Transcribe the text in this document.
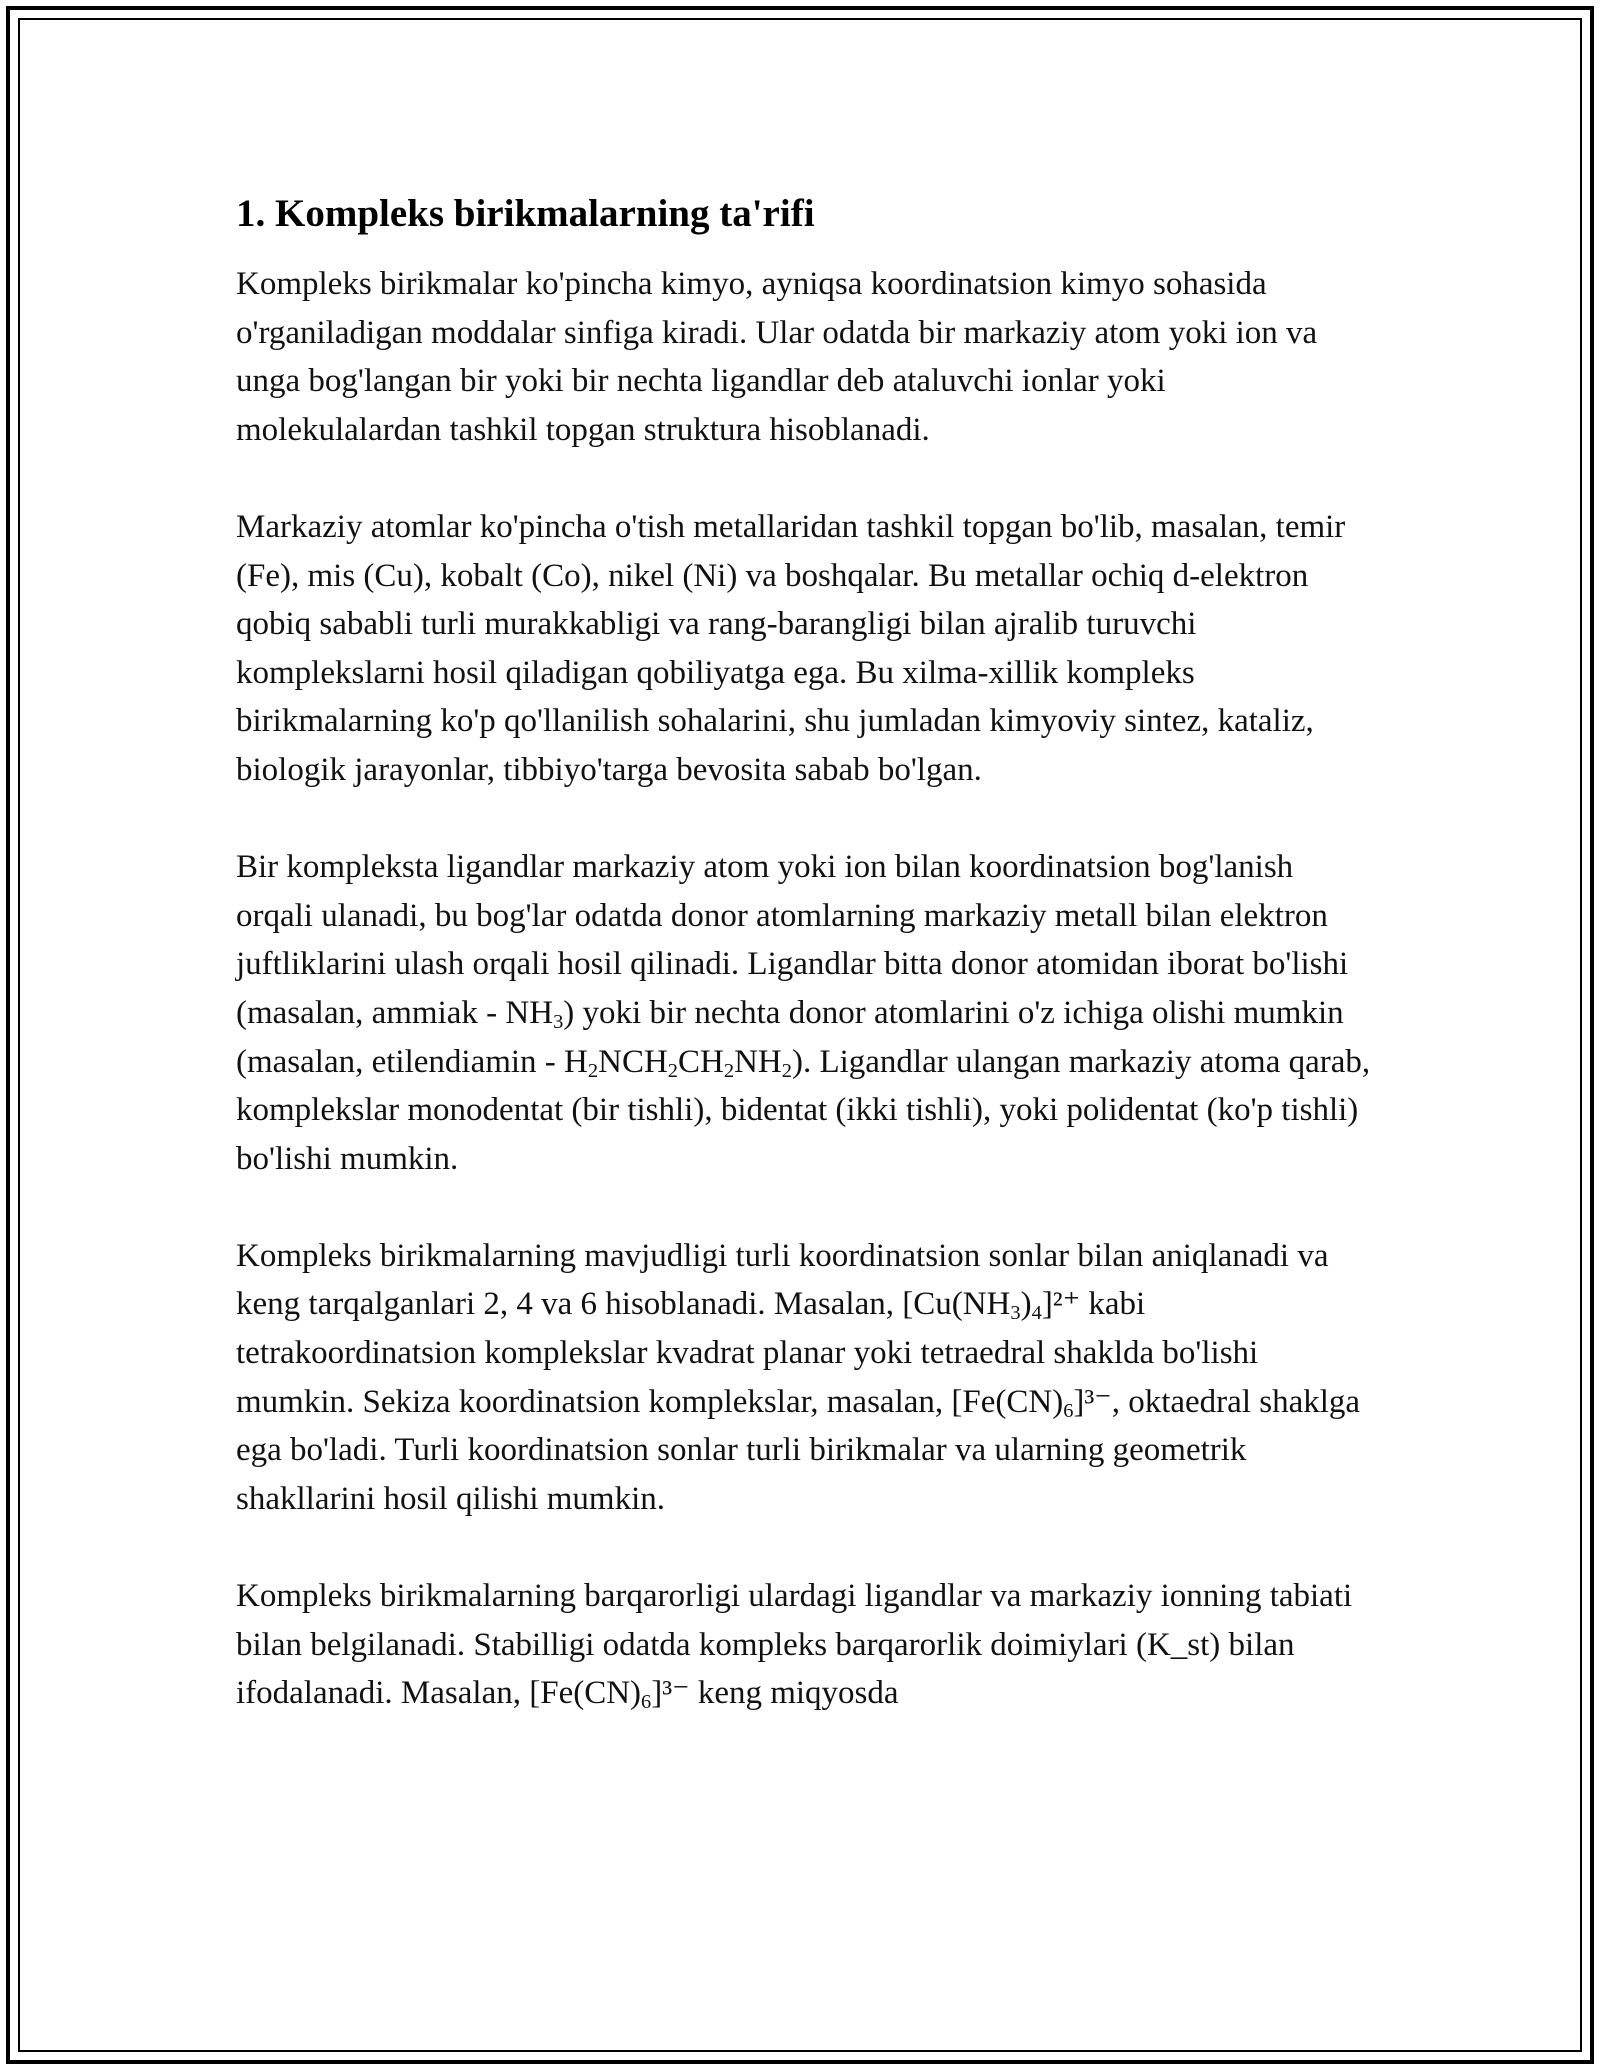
1. Kompleks birikmalarning ta'rifi

Kompleks birikmalar ko'pincha kimyo, ayniqsa koordinatsion kimyo sohasida o'rganiladigan moddalar sinfiga kiradi. Ular odatda bir markaziy atom yoki ion va unga bog'langan bir yoki bir nechta ligandlar deb ataluvchi ionlar yoki molekulalardan tashkil topgan struktura hisoblanadi.

Markaziy atomlar ko'pincha o'tish metallaridan tashkil topgan bo'lib, masalan, temir (Fe), mis (Cu), kobalt (Co), nikel (Ni) va boshqalar. Bu metallar ochiq d-elektron qobiq sababli turli murakkabligi va rang-barangligi bilan ajralib turuvchi komplekslarni hosil qiladigan qobiliyatga ega. Bu xilma-xillik kompleks birikmalarning ko'p qo'llanilish sohalarini, shu jumladan kimyoviy sintez, kataliz, biologik jarayonlar, tibbiyo'targa bevosita sabab bo'lgan.

Bir kompleksta ligandlar markaziy atom yoki ion bilan koordinatsion bog'lanish orqali ulanadi, bu bog'lar odatda donor atomlarning markaziy metall bilan elektron juftliklarini ulash orqali hosil qilinadi. Ligandlar bitta donor atomidan iborat bo'lishi (masalan, ammiak - $NH_3$) yoki bir nechta donor atomlarini o'z ichiga olishi mumkin (masalan, etilendiamin - $H_2NCH_2CH_2NH_2$). Ligandlar ulangan markaziy atoma qarab, komplekslar monodentat (bir tishli), bidentat (ikki tishli), yoki polidentat (ko'p tishli) bo'lishi mumkin.

Kompleks birikmalarning mavjudligi turli koordinatsion sonlar bilan aniqlanadi va keng tarqalganlari 2, 4 va 6 hisoblanadi. Masalan, $[Cu(NH_3)_4]^{2+}$ kabi tetrakoordinatsion komplekslar kvadrat planar yoki tetraedral shaklda bo'lishi mumkin. Sekiza koordinatsion komplekslar, masalan, $[Fe(CN)_6]^{3-}$, oktaedral shaklga ega bo'ladi. Turli koordinatsion sonlar turli birikmalar va ularning geometrik shakllarini hosil qilishi mumkin.

Kompleks birikmalarning barqarorligi ulardagi ligandlar va markaziy ionning tabiati bilan belgilanadi. Stabilligi odatda kompleks barqarorlik doimiylari (K_st) bilan ifodalanadi. Masalan, $[Fe(CN)_6]^{3-}$ keng miqyosda
